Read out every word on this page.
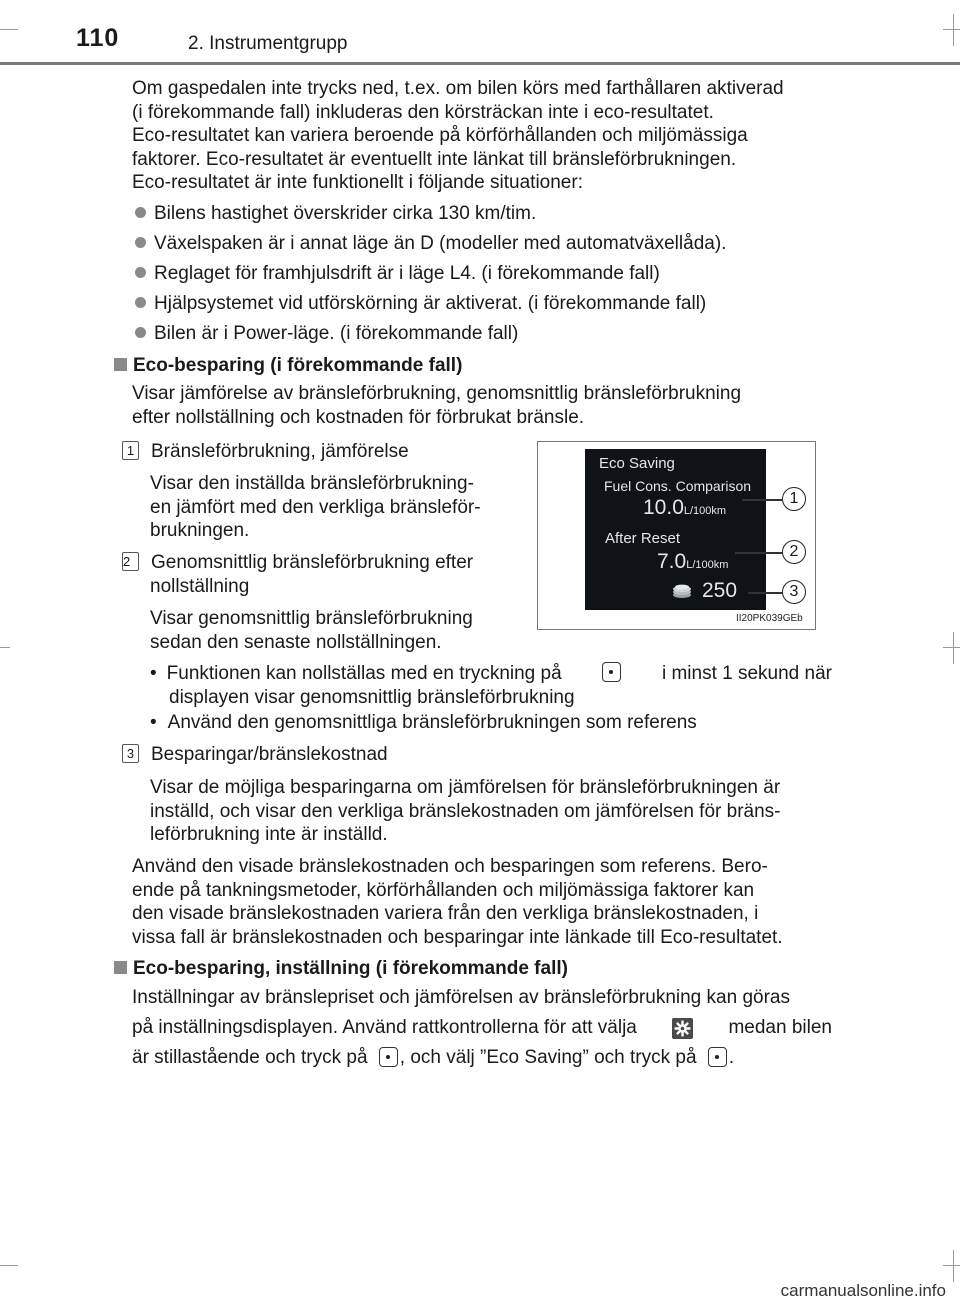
110	2. Instrumentgrupp
Om gaspedalen inte trycks ned, t.ex. om bilen körs med farthållaren aktiverad
(i förekommande fall) inkluderas den körsträckan inte i eco-resultatet.
Eco-resultatet kan variera beroende på körförhållanden och miljömässiga
faktorer. Eco-resultatet är eventuellt inte länkat till bränsleförbrukningen.
Eco-resultatet är inte funktionellt i följande situationer:
Bilens hastighet överskrider cirka 130 km/tim.
Växelspaken är i annat läge än D (modeller med automatväxellåda).
Reglaget för framhjulsdrift är i läge L4. (i förekommande fall)
Hjälpsystemet vid utförskörning är aktiverat. (i förekommande fall)
Bilen är i Power-läge. (i förekommande fall)
Eco-besparing (i förekommande fall)
Visar jämförelse av bränsleförbrukning, genomsnittlig bränsleförbrukning
efter nollställning och kostnaden för förbrukat bränsle.
1 Bränsleförbrukning, jämförelse
Visar den inställda bränsleförbrukning-
en jämfört med den verkliga bränsleför-
brukningen.
2 Genomsnittlig bränsleförbrukning efter
nollställning
Visar genomsnittlig bränsleförbrukning
sedan den senaste nollställningen.
• Funktionen kan nollställas med en tryckning på	i minst 1 sekund när
displayen visar genomsnittlig bränsleförbrukning
• Använd den genomsnittliga bränsleförbrukningen som referens
3 Besparingar/bränslekostnad
Visar de möjliga besparingarna om jämförelsen för bränsleförbrukningen är
inställd, och visar den verkliga bränslekostnaden om jämförelsen för bräns-
leförbrukning inte är inställd.
Använd den visade bränslekostnaden och besparingen som referens. Bero-
ende på tankningsmetoder, körförhållanden och miljömässiga faktorer kan
den visade bränslekostnaden variera från den verkliga bränslekostnaden, i
vissa fall är bränslekostnaden och besparingar inte länkade till Eco-resultatet.
Eco-besparing, inställning (i förekommande fall)
Inställningar av bränslepriset och jämförelsen av bränsleförbrukning kan göras
på inställningsdisplayen. Använd rattkontrollerna för att välja	medan bilen
är stillastående och tryck på , och välj ”Eco Saving” och tryck på .
Eco Saving
Fuel Cons. Comparison
10.0L/100km
After Reset
7.0L/100km
250
1
2
3
II20PK039GEb
carmanualsonline.info
